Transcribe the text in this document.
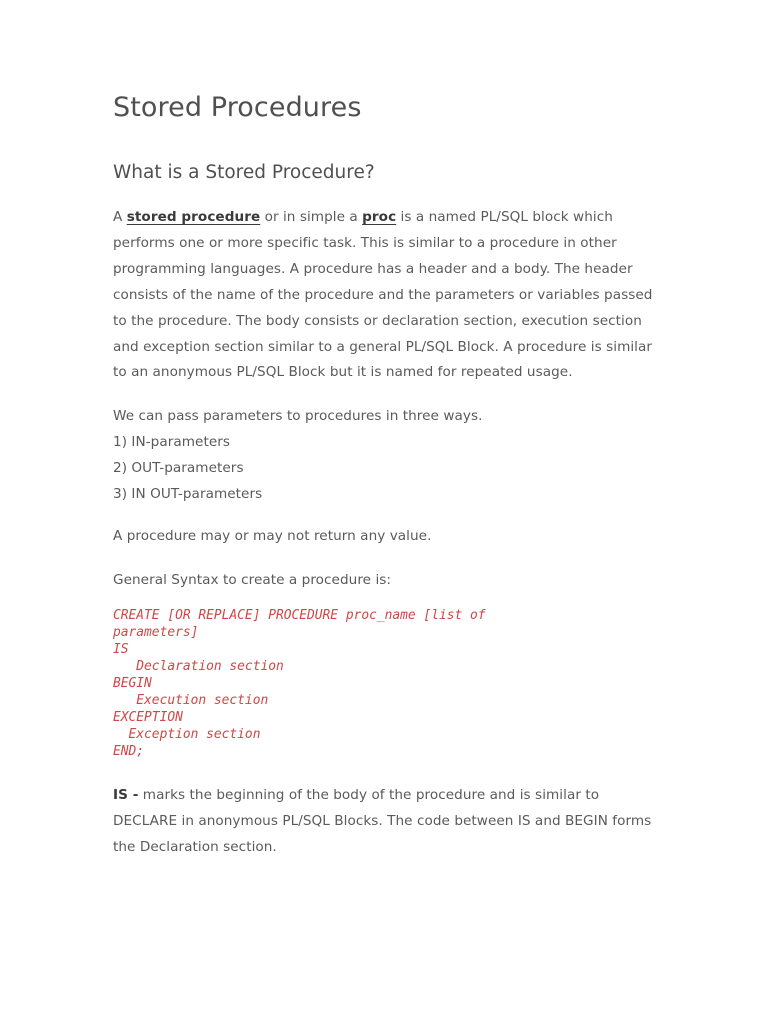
Stored Procedures
What is a Stored Procedure?

A stored procedure or in simple a proc is a named PL/SQL block which performs one or more specific task. This is similar to a procedure in other programming languages. A procedure has a header and a body. The header consists of the name of the procedure and the parameters or variables passed to the procedure. The body consists or declaration section, execution section and exception section similar to a general PL/SQL Block. A procedure is similar to an anonymous PL/SQL Block but it is named for repeated usage.

We can pass parameters to procedures in three ways.
1) IN-parameters
2) OUT-parameters
3) IN OUT-parameters

A procedure may or may not return any value.

General Syntax to create a procedure is:

CREATE [OR REPLACE] PROCEDURE proc_name [list of
parameters]
IS
Declaration section
BEGIN
Execution section
EXCEPTION
Exception section
END;

IS - marks the beginning of the body of the procedure and is similar to DECLARE in anonymous PL/SQL Blocks. The code between IS and BEGIN forms the Declaration section.
